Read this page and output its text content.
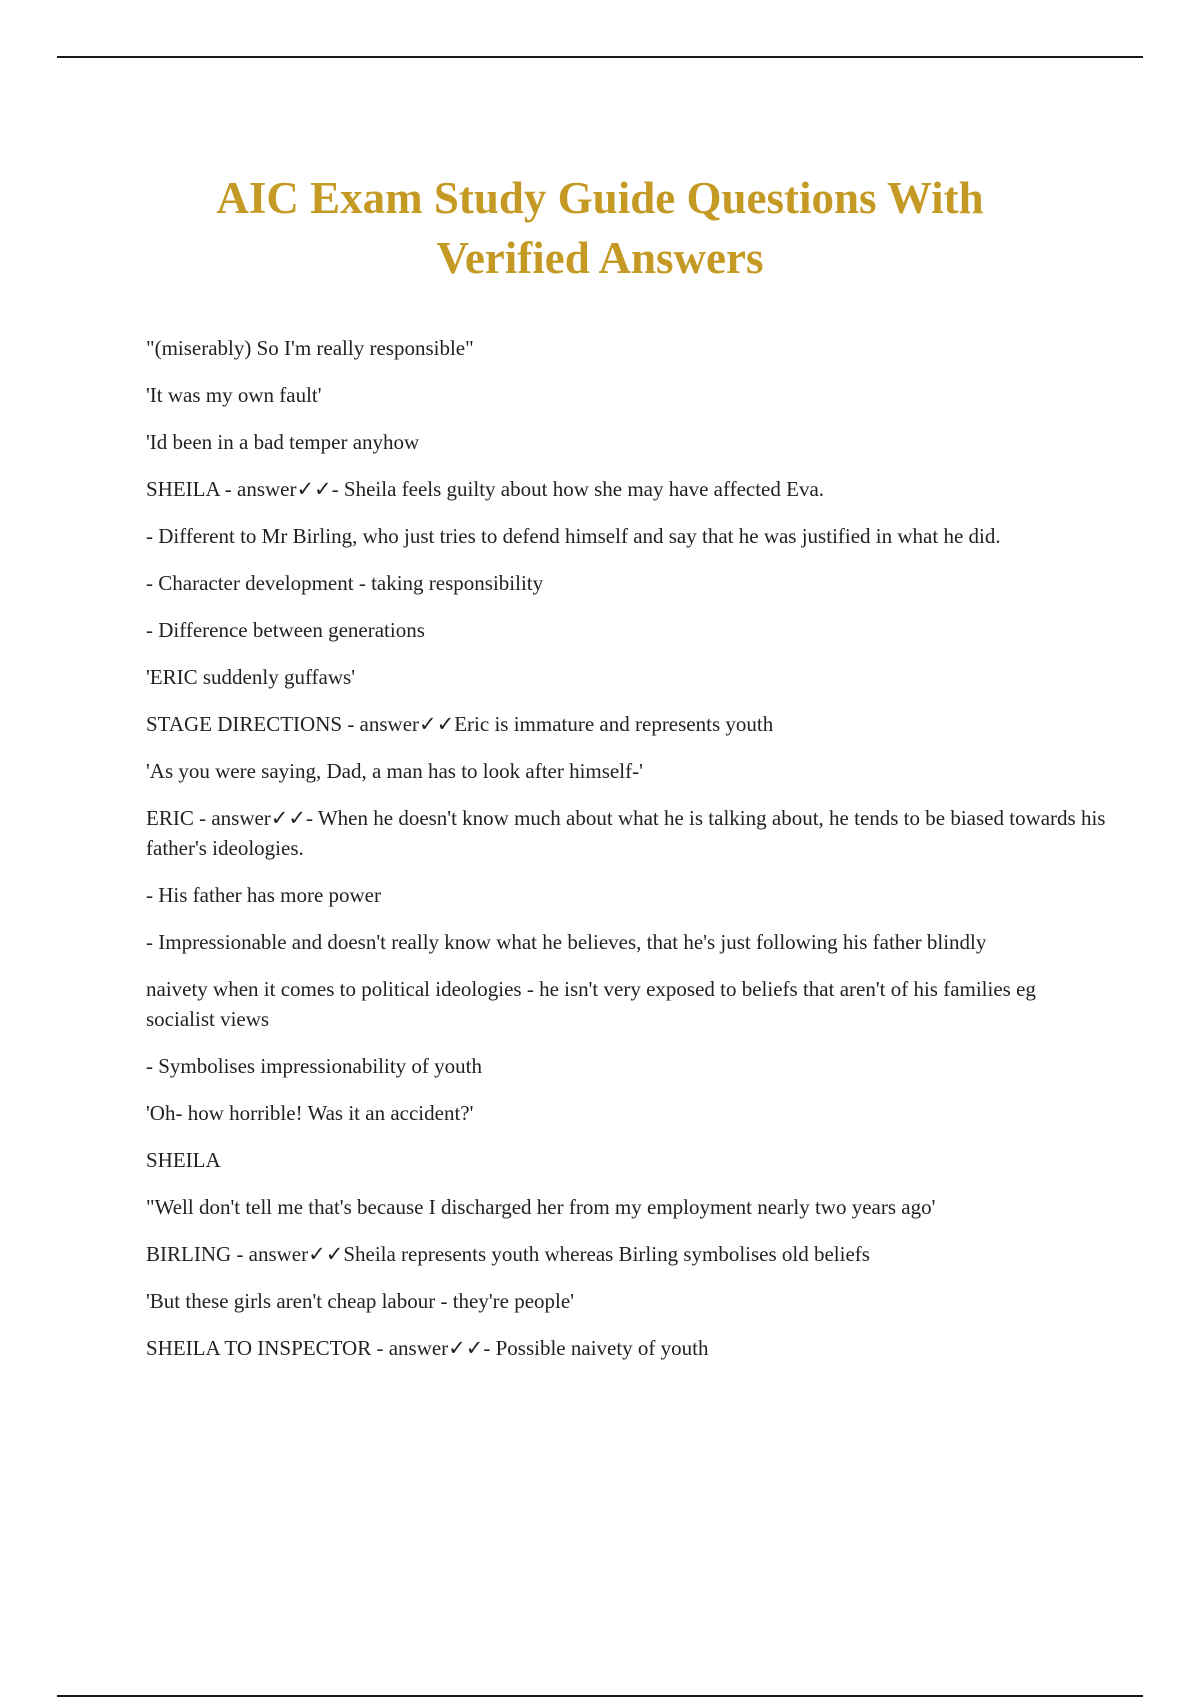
AIC Exam Study Guide Questions With
Verified Answers

"(miserably) So I'm really responsible"

'It was my own fault'

'Id been in a bad temper anyhow

SHEILA - answer✓✓- Sheila feels guilty about how she may have affected Eva.

- Different to Mr Birling, who just tries to defend himself and say that he was justified in what he did.

- Character development - taking responsibility

- Difference between generations

'ERIC suddenly guffaws'

STAGE DIRECTIONS - answer✓✓Eric is immature and represents youth

'As you were saying, Dad, a man has to look after himself-'

ERIC - answer✓✓- When he doesn't know much about what he is talking about, he tends to be biased towards his father's ideologies.

- His father has more power

- Impressionable and doesn't really know what he believes, that he's just following his father blindly

naivety when it comes to political ideologies - he isn't very exposed to beliefs that aren't of his families eg socialist views

- Symbolises impressionability of youth

'Oh- how horrible! Was it an accident?'

SHEILA

"Well don't tell me that's because I discharged her from my employment nearly two years ago'

BIRLING - answer✓✓Sheila represents youth whereas Birling symbolises old beliefs

'But these girls aren't cheap labour - they're people'

SHEILA TO INSPECTOR - answer✓✓- Possible naivety of youth
